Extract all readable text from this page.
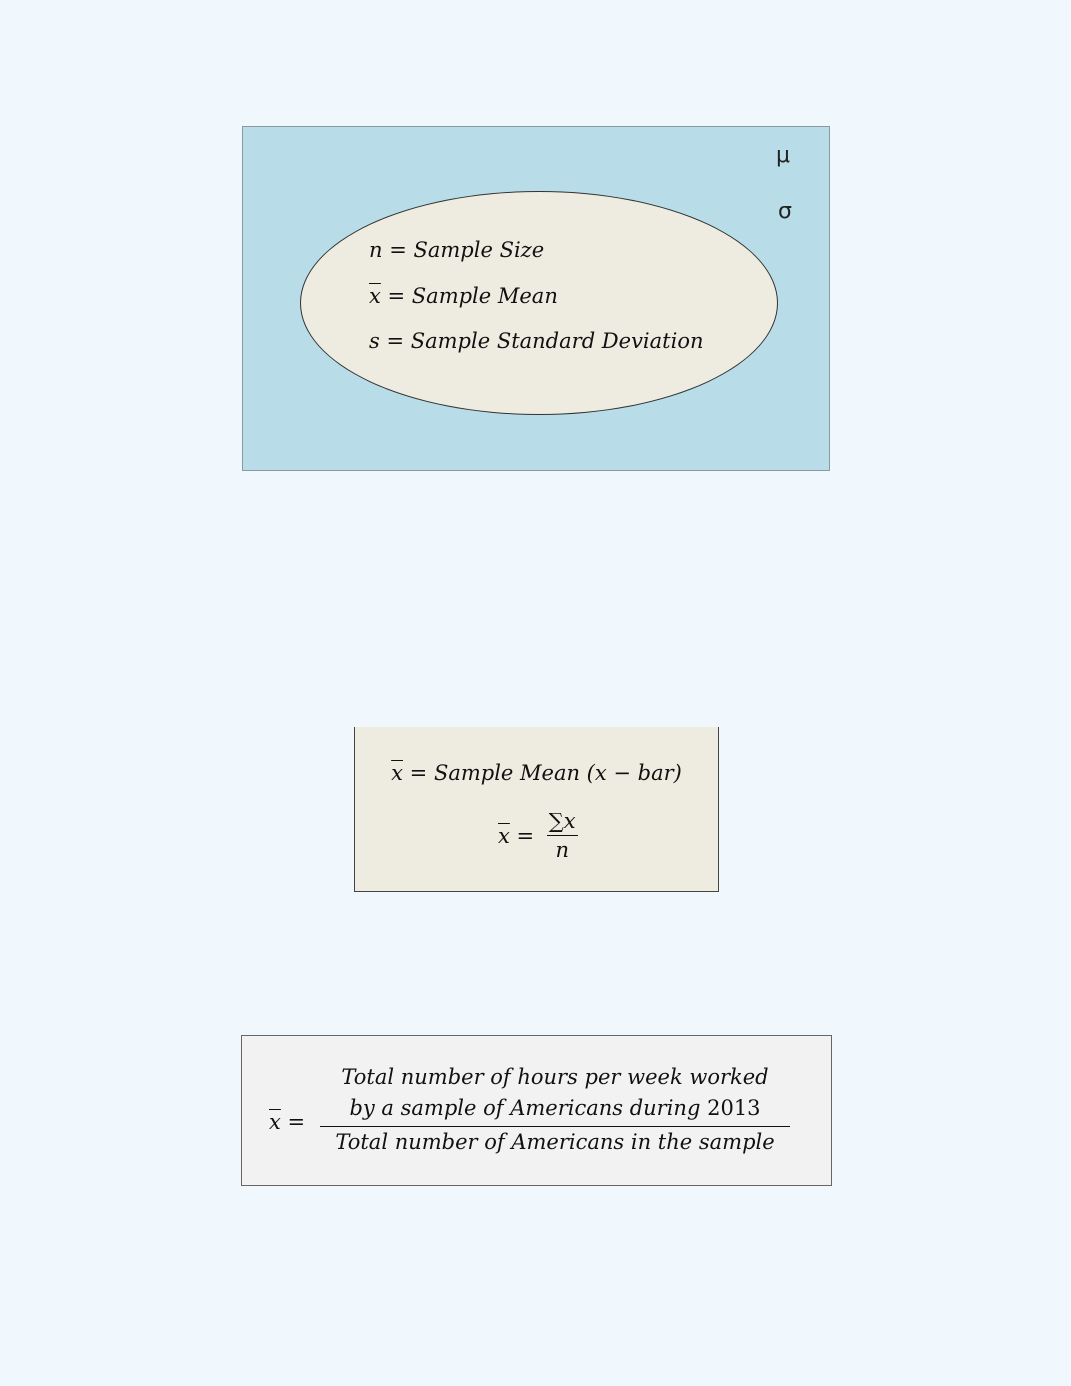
μ
σ
n = Sample Size
$\overline{x}$ = Sample Mean
s = Sample Standard Deviation
$\overline{x}$ = Sample Mean (x − bar)
$\overline{x} = \frac{\sum x}{n}$
$\overline{x}$ =
Total number of hours per week worked
by a sample of Americans during 2013
Total number of Americans in the sample
